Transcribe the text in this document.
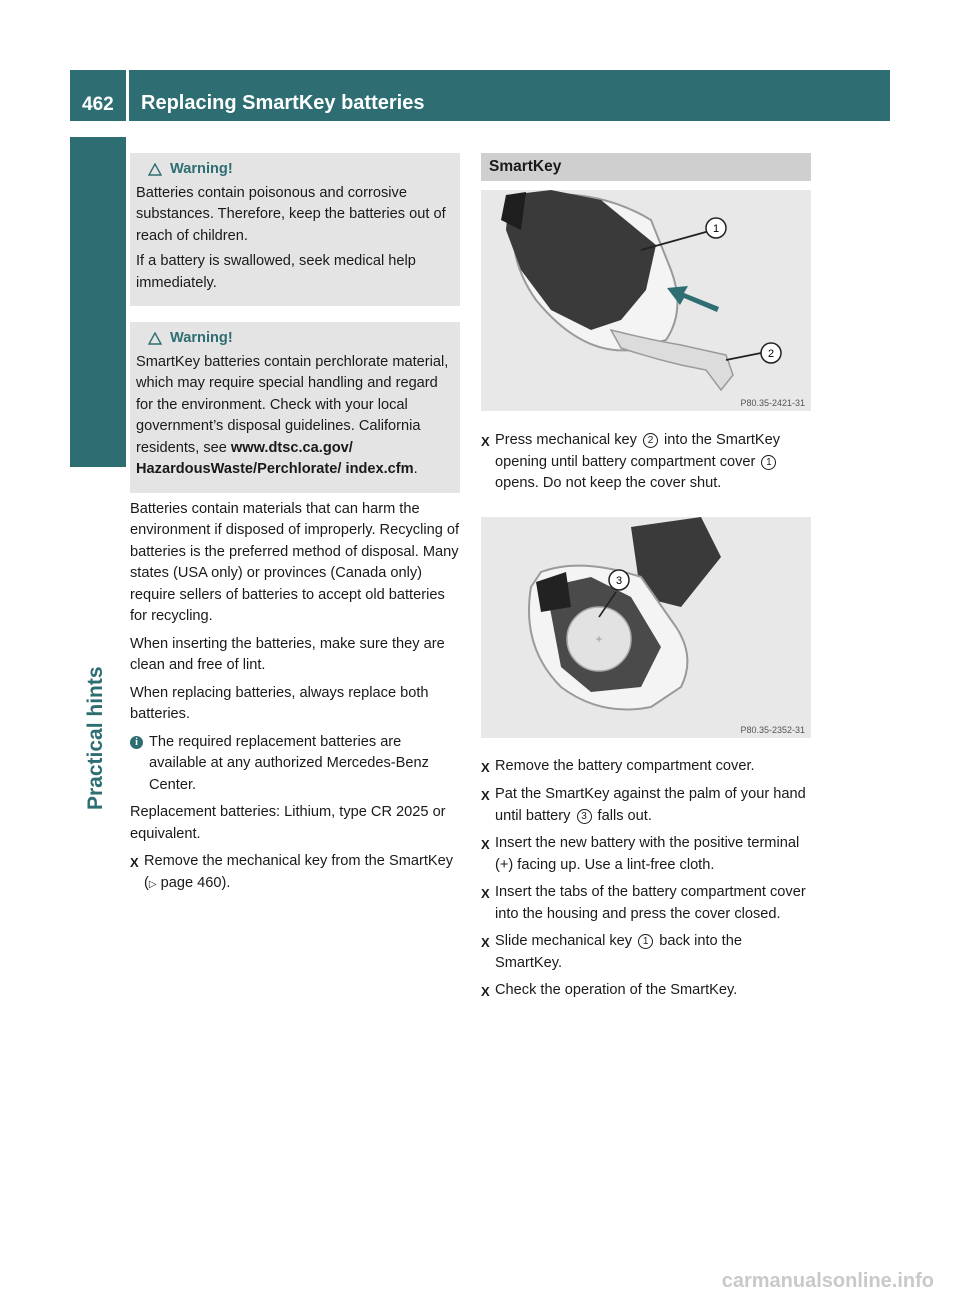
462 Replacing SmartKey batteries
Practical hints
Warning!

Batteries contain poisonous and corrosive substances. Therefore, keep the batteries out of reach of children.

If a battery is swallowed, seek medical help immediately.

Warning!

SmartKey batteries contain perchlorate material, which may require special handling and regard for the environment. Check with your local government’s disposal guidelines. California residents, see www.dtsc.ca.gov/ HazardousWaste/Perchlorate/ index.cfm.

Batteries contain materials that can harm the environment if disposed of improperly. Recycling of batteries is the preferred method of disposal. Many states (USA only) or provinces (Canada only) require sellers of batteries to accept old batteries for recycling.

When inserting the batteries, make sure they are clean and free of lint.

When replacing batteries, always replace both batteries.

i The required replacement batteries are available at any authorized Mercedes-Benz Center.

Replacement batteries: Lithium, type CR 2025 or equivalent.

X
Remove the mechanical key from the SmartKey (▷ page 460).
SmartKey
1
2
P80.35-2421-31
X
Press mechanical key 2 into the SmartKey opening until battery compartment cover 1 opens. Do not keep the cover shut.
+
3
P80.35-2352-31
X
Remove the battery compartment cover.
X
Pat the SmartKey against the palm of your hand until battery 3 falls out.
X
Insert the new battery with the positive terminal (+) facing up. Use a lint-free cloth.
X
Insert the tabs of the battery compartment cover into the housing and press the cover closed.
X
Slide mechanical key 1 back into the SmartKey.
X
Check the operation of the SmartKey.
carmanualsonline.info
